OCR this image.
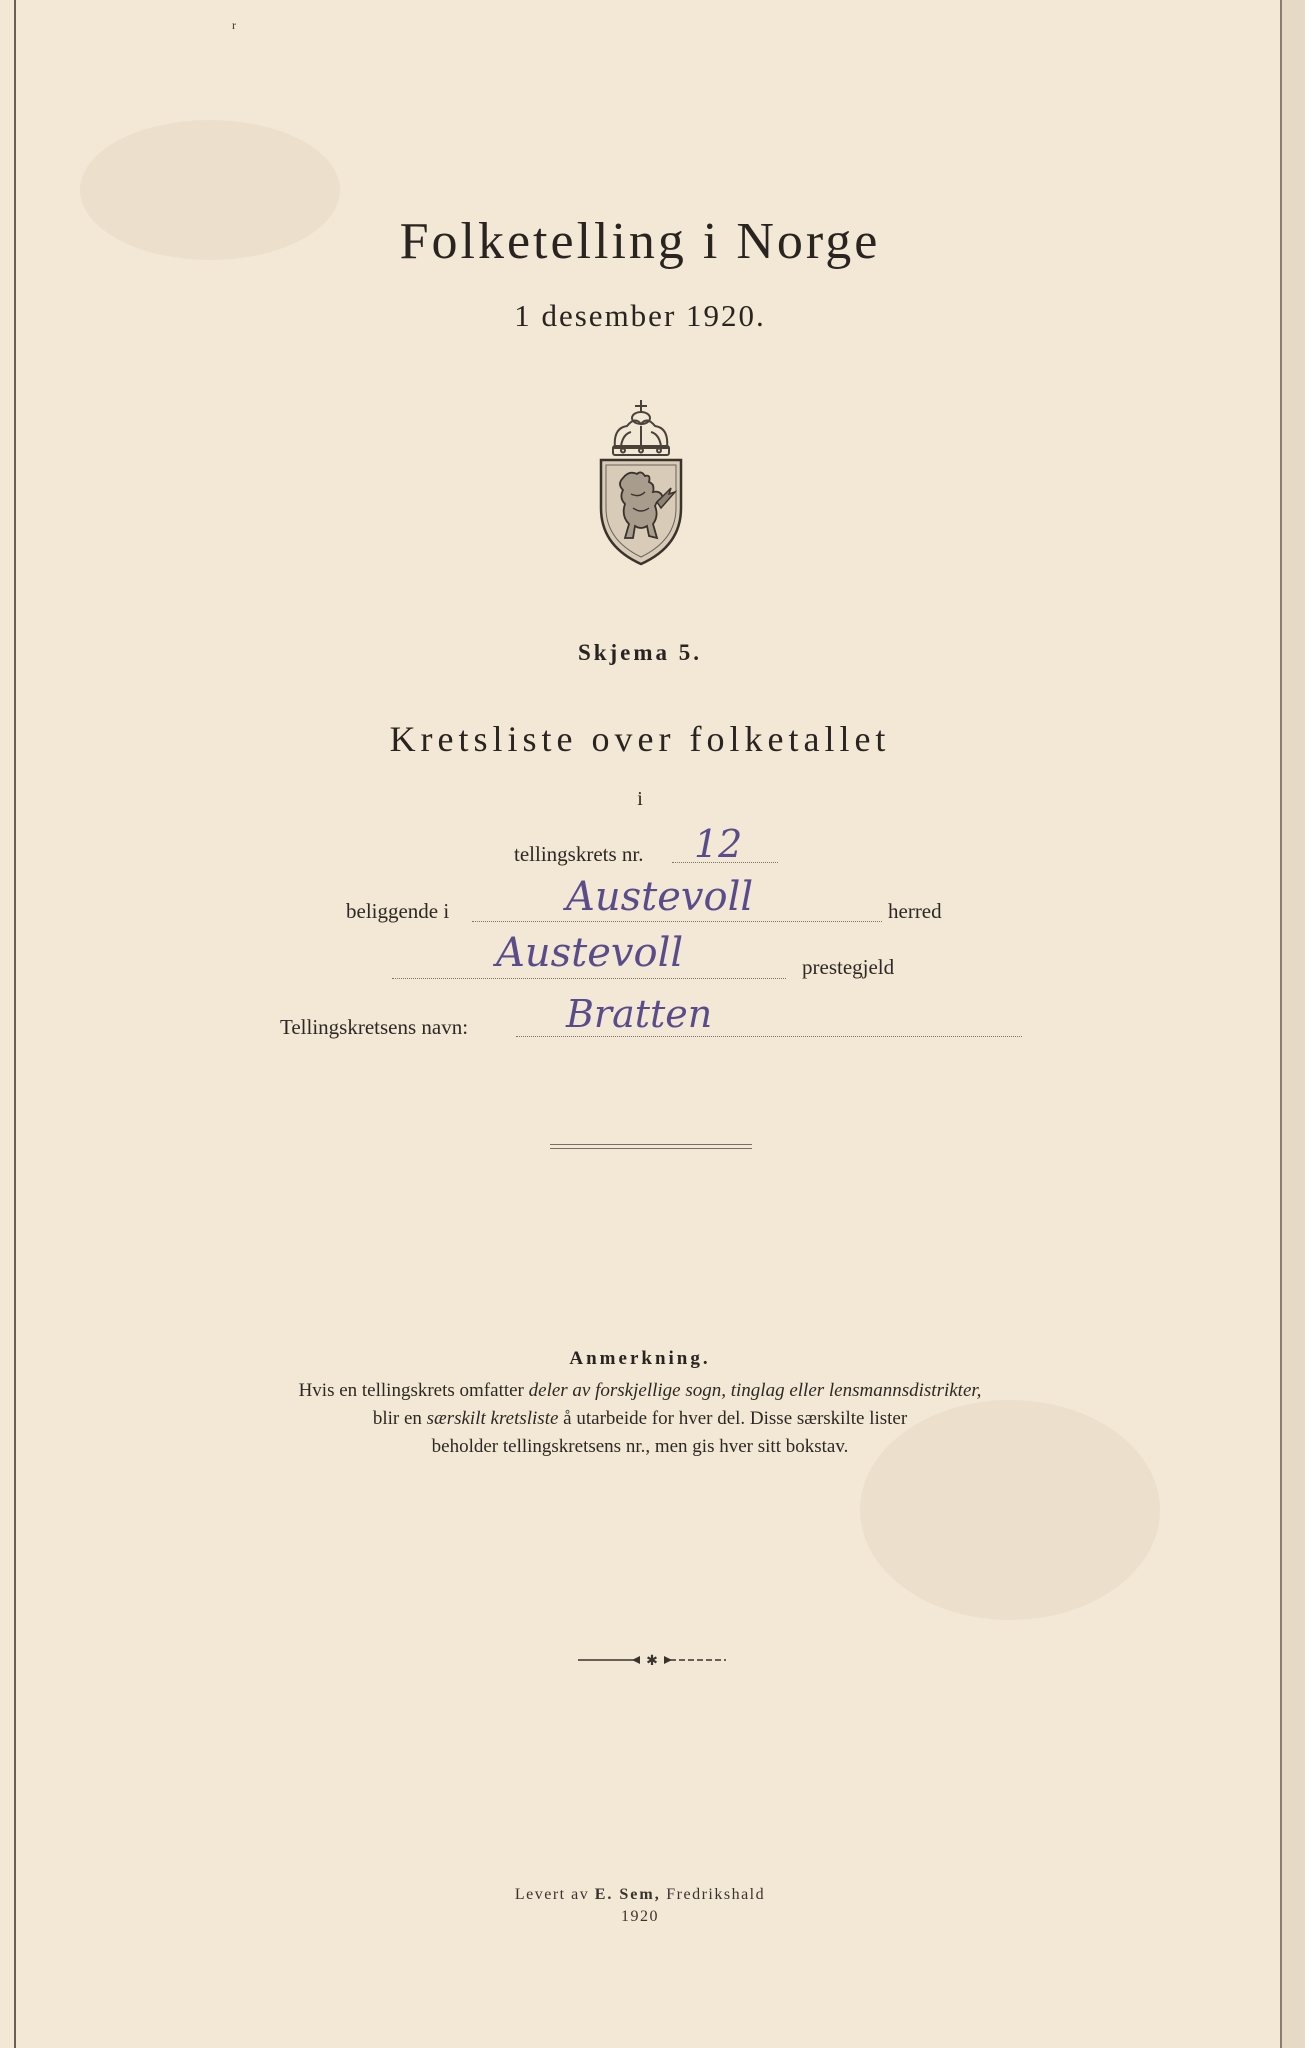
r
Folketelling i Norge
1 desember 1920.
Skjema 5.
Kretsliste over folketallet
i
tellingskrets nr. 12
beliggende i	Austevoll	herred
Austevoll	prestegjeld
Tellingskretsens navn:	Bratten
Anmerkning.
Hvis en tellingskrets omfatter deler av forskjellige sogn, tinglag eller lensmannsdistrikter,
blir en særskilt kretsliste å utarbeide for hver del. Disse særskilte lister
beholder tellingskretsens nr., men gis hver sitt bokstav.
✱
Levert av E. Sem, Fredrikshald
1920
